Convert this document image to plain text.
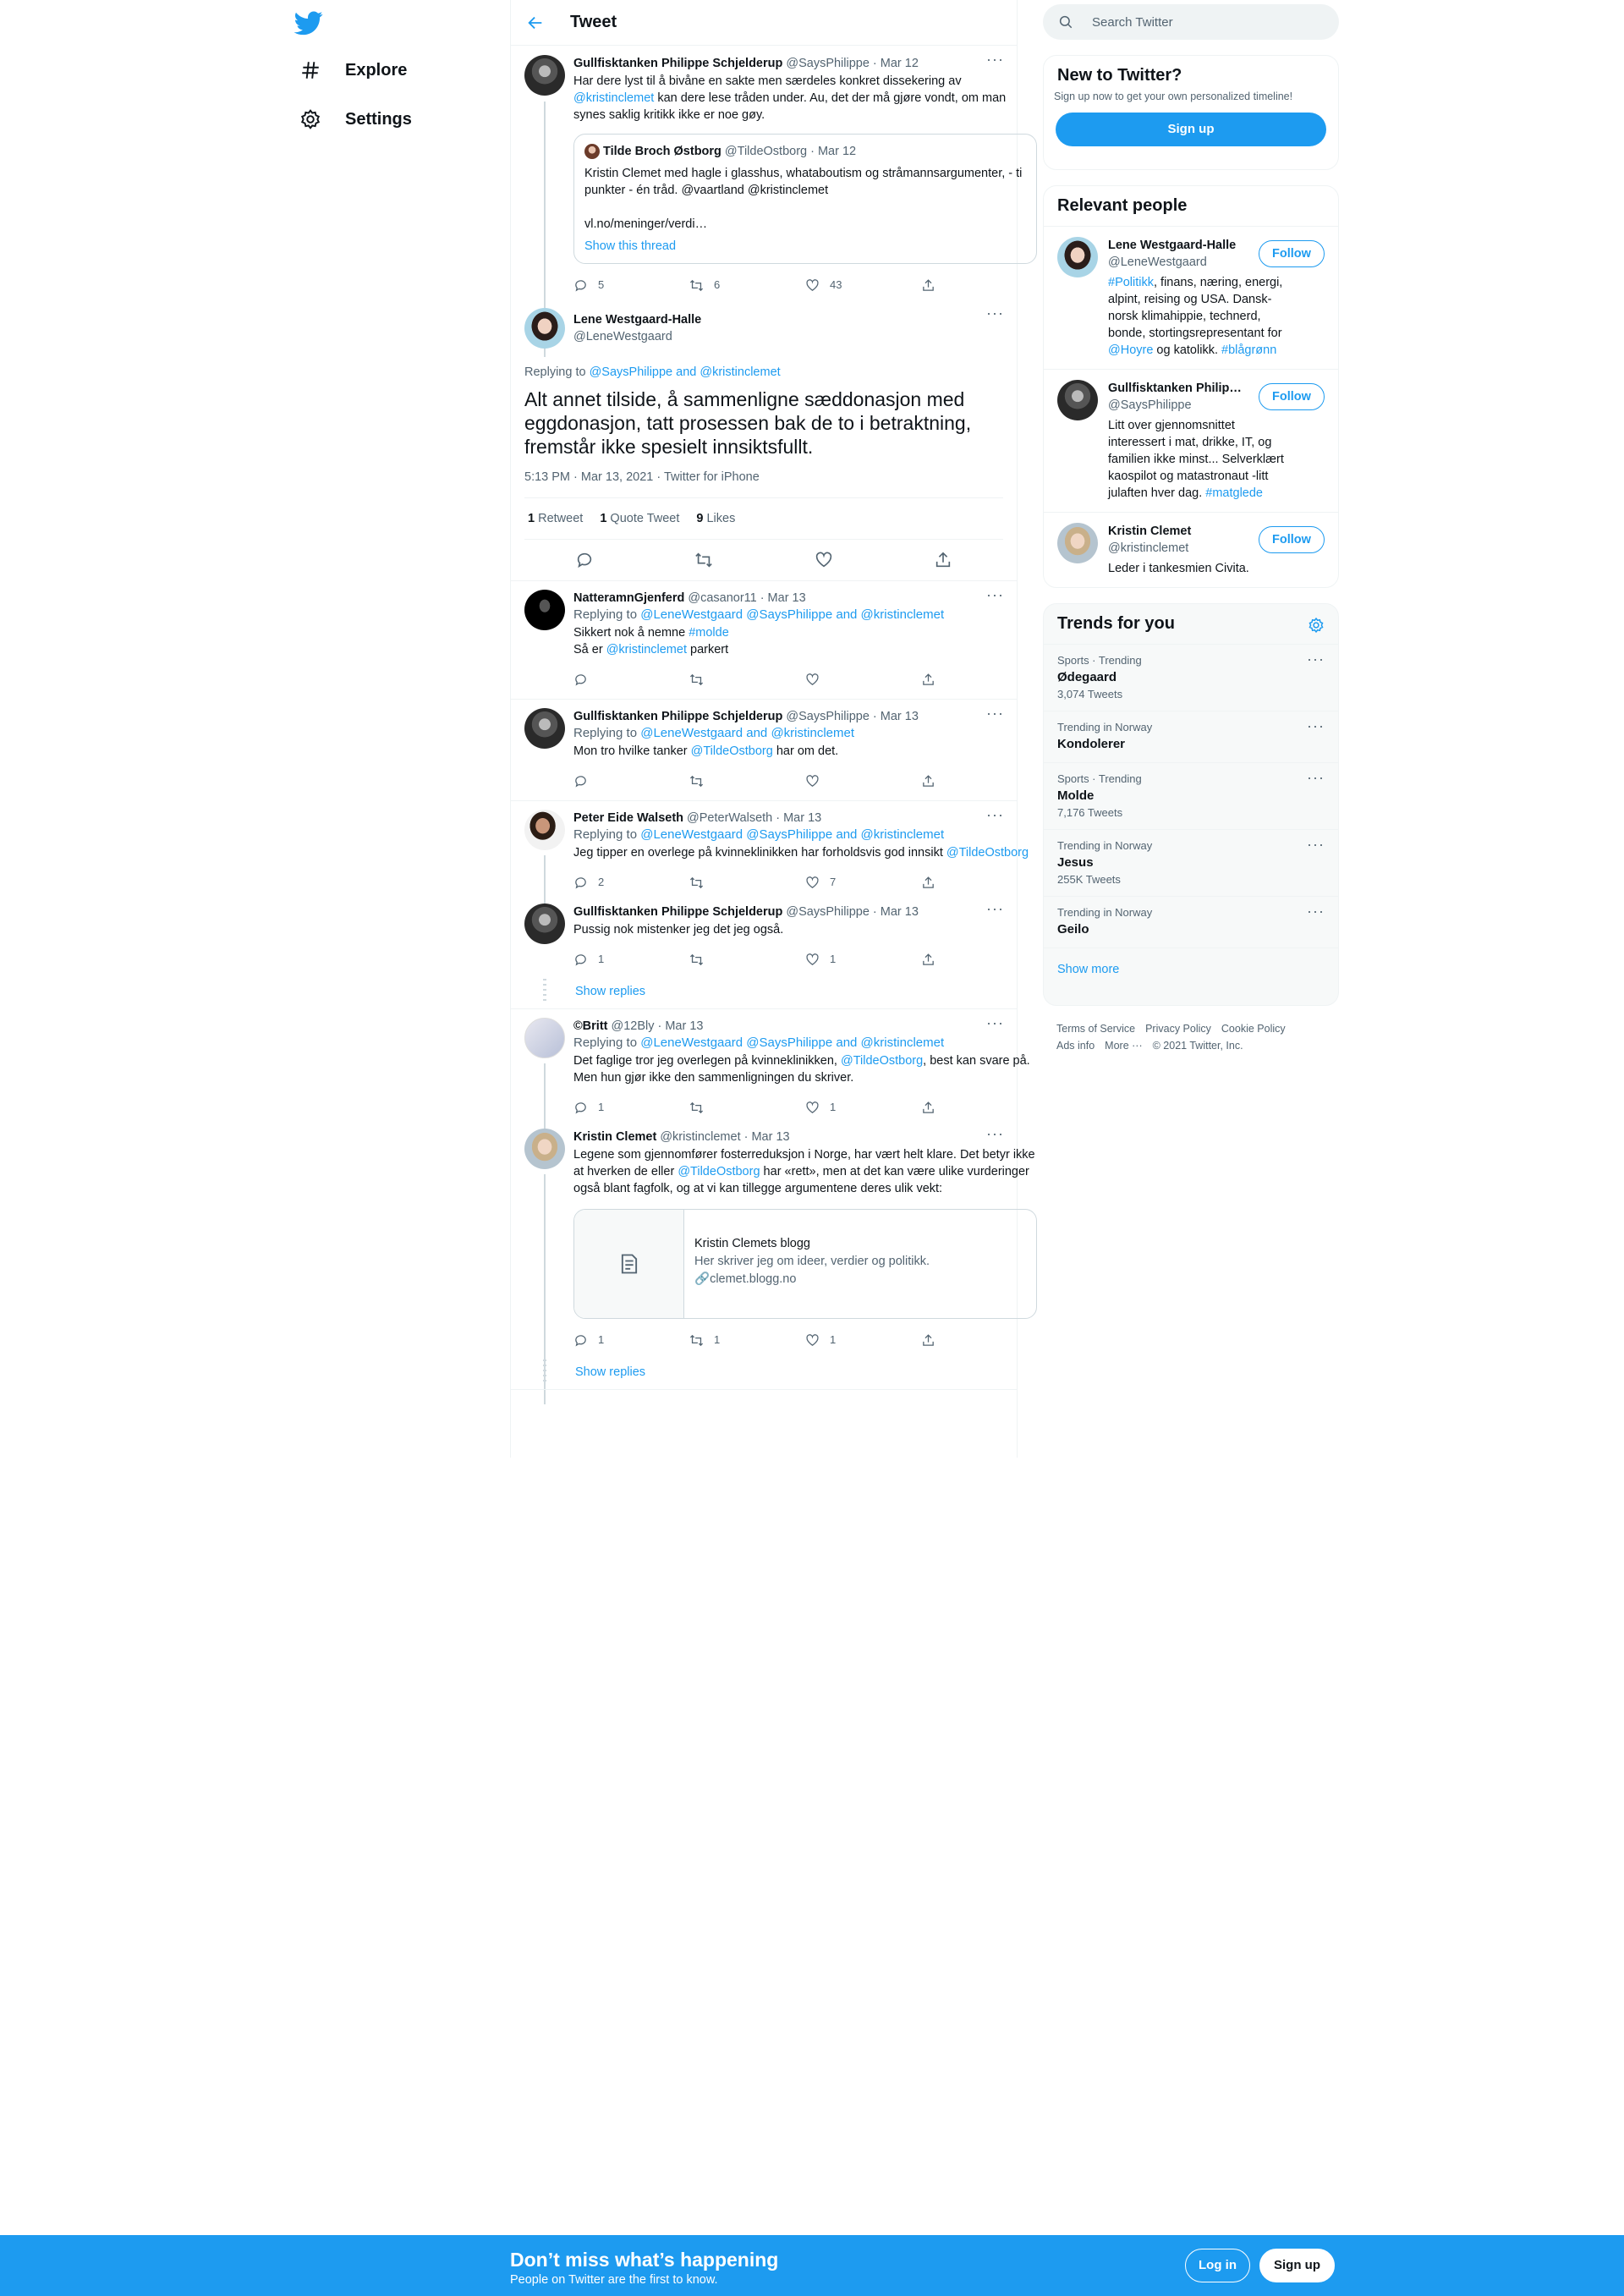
Explore
Settings
Tweet
···
Gullfisktanken Philippe Schjelderup @SaysPhilippe · Mar 12
Har dere lyst til å bivåne en sakte men særdeles konkret dissekering av @kristinclemet kan dere lese tråden under. Au, det der må gjøre vondt, om man synes saklig kritikk ikke er noe gøy.
Tilde Broch Østborg @TildeOstborg · Mar 12
Kristin Clemet med hagle i glasshus, whataboutism og stråmannsargumenter, - ti punkter - én tråd. @vaartland @kristinclemet
vl.no/meninger/verdi…
Show this thread
5	6	43
···
Lene Westgaard-Halle
@LeneWestgaard
Replying to @SaysPhilippe and @kristinclemet
Alt annet tilside, å sammenligne sæddonasjon med eggdonasjon, tatt prosessen bak de to i betraktning, fremstår ikke spesielt innsiktsfullt.
5:13 PM · Mar 13, 2021 · Twitter for iPhone
1 Retweet 1 Quote Tweet 9 Likes
···
NatteramnGjenferd @casanor11 · Mar 13
Replying to @LeneWestgaard @SaysPhilippe and @kristinclemet
Sikkert nok å nemne #molde
Så er @kristinclemet parkert
···
Gullfisktanken Philippe Schjelderup @SaysPhilippe · Mar 13
Replying to @LeneWestgaard and @kristinclemet
Mon tro hvilke tanker @TildeOstborg har om det.
···
Peter Eide Walseth @PeterWalseth · Mar 13
Replying to @LeneWestgaard @SaysPhilippe and @kristinclemet
Jeg tipper en overlege på kvinneklinikken har forholdsvis god innsikt @TildeOstborg
2	7
···
Gullfisktanken Philippe Schjelderup @SaysPhilippe · Mar 13
Pussig nok mistenker jeg det jeg også.
1	1
Show replies
···
©Britt @12Bly · Mar 13
Replying to @LeneWestgaard @SaysPhilippe and @kristinclemet
Det faglige tror jeg overlegen på kvinneklinikken, @TildeOstborg, best kan svare på. Men hun gjør ikke den sammenligningen du skriver.
1	1
···
Kristin Clemet @kristinclemet · Mar 13
Legene som gjennomfører fosterreduksjon i Norge, har vært helt klare. Det betyr ikke at hverken de eller @TildeOstborg har «rett», men at det kan være ulike vurderinger også blant fagfolk, og at vi kan tillegge argumentene deres ulik vekt:
Kristin Clemets blogg
Her skriver jeg om ideer, verdier og politikk.
🔗clemet.blogg.no
1	1	1
Show replies
Search Twitter
New to Twitter?
Sign up now to get your own personalized timeline!
Sign up
Relevant people
Lene Westgaard-Halle
@LeneWestgaard
#Politikk, finans, næring, energi, alpint, reising og USA. Dansk-norsk klimahippie, technerd, bonde, stortingsrepresentant for @Hoyre og katolikk. #blågrønn
Follow
Gullfisktanken Philip…
@SaysPhilippe
Litt over gjennomsnittet interessert i mat, drikke, IT, og familien ikke minst... Selverklært kaospilot og matastronaut -litt julaften hver dag. #matglede
Follow
Kristin Clemet
@kristinclemet
Leder i tankesmien Civita.
Follow
Trends for you
···
Sports · Trending
Ødegaard
3,074 Tweets
···
Trending in Norway
Kondolerer
···
Sports · Trending
Molde
7,176 Tweets
···
Trending in Norway
Jesus
255K Tweets
···
Trending in Norway
Geilo
Show more
Terms of Service Privacy Policy Cookie Policy
Ads info More ··· © 2021 Twitter, Inc.
Don’t miss what’s happening
People on Twitter are the first to know.
Log in	Sign up
